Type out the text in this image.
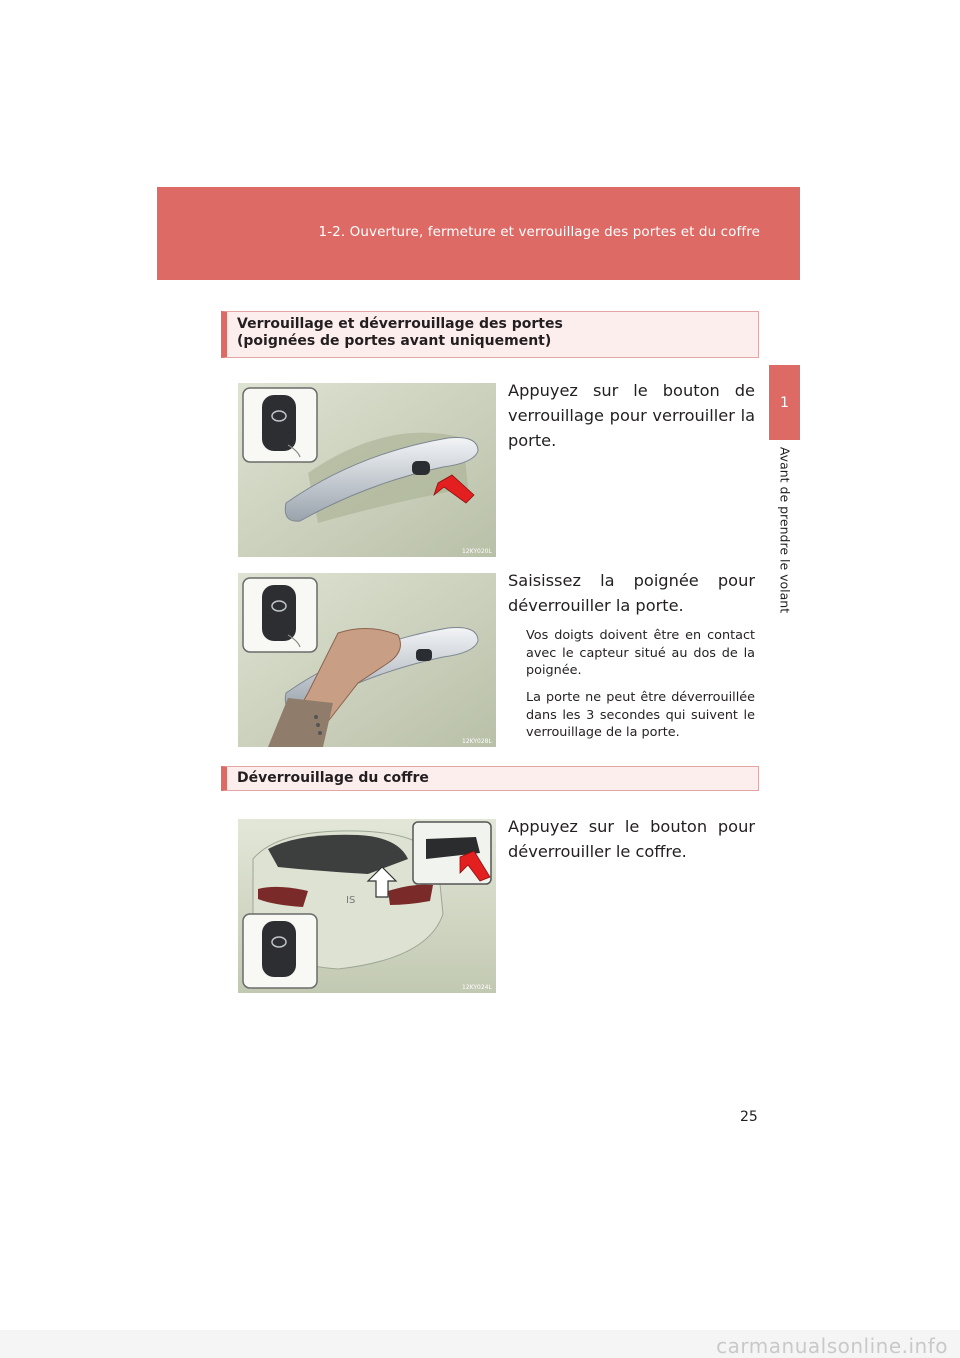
1-2. Ouverture, fermeture et verrouillage des portes et du coffre
1
Avant de prendre le volant
Verrouillage et déverrouillage des portes
(poignées de portes avant uniquement)
12KY020L
Appuyez sur le bouton de verrouillage pour verrouiller la porte.
12KY028L
Saisissez la poignée pour déverrouiller la porte.
Vos doigts doivent être en contact avec le capteur situé au dos de la poignée.
La porte ne peut être déverrouillée dans les 3 secondes qui suivent le verrouillage de la porte.
Déverrouillage du coffre
IS
12KY024L
Appuyez sur le bouton pour déverrouiller le coffre.
25
carmanualsonline.info
